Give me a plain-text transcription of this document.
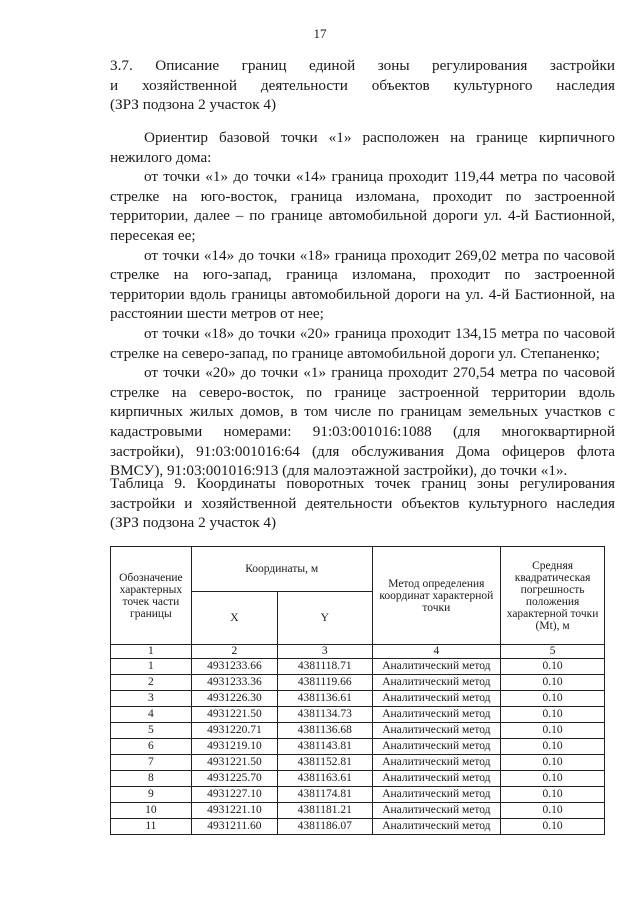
17
3.7. Описание границ единой зоны регулирования застройки
и хозяйственной деятельности объектов культурного наследия
(ЗРЗ подзона 2 участок 4)

Ориентир базовой точки «1» расположен на границе кирпичного нежилого дома:

от точки «1» до точки «14» граница проходит 119,44 метра по часовой стрелке на юго-восток, граница изломана, проходит по застроенной территории, далее – по границе автомобильной дороги ул. 4-й Бастионной, пересекая ее;

от точки «14» до точки «18» граница проходит 269,02 метра по часовой стрелке на юго-запад, граница изломана, проходит по застроенной территории вдоль границы автомобильной дороги на ул. 4-й Бастионной, на расстоянии шести метров от нее;

от точки «18» до точки «20» граница проходит 134,15 метра по часовой стрелке на северо-запад, по границе автомобильной дороги ул. Степаненко;

от точки «20» до точки «1» граница проходит 270,54 метра по часовой стрелке на северо-восток, по границе застроенной территории вдоль кирпичных жилых домов, в том числе по границам земельных участков с кадастровыми номерами: 91:03:001016:1088 (для многоквартирной застройки), 91:03:001016:64 (для обслуживания Дома офицеров флота ВМСУ), 91:03:001016:913 (для малоэтажной застройки), до точки «1».

Таблица 9. Координаты поворотных точек границ зоны регулирования
застройки и хозяйственной деятельности объектов культурного наследия
(ЗРЗ подзона 2 участок 4)
Обозначение характерных точек части границы	Координаты, м		Метод определения координат характерной точки	Средняя квадратическая погрешность положения характерной точки (Mt), м
	X	Y		
1	2	3	4	5
1	4931233.66	4381118.71	Аналитический метод	0.10
2	4931233.36	4381119.66	Аналитический метод	0.10
3	4931226.30	4381136.61	Аналитический метод	0.10
4	4931221.50	4381134.73	Аналитический метод	0.10
5	4931220.71	4381136.68	Аналитический метод	0.10
6	4931219.10	4381143.81	Аналитический метод	0.10
7	4931221.50	4381152.81	Аналитический метод	0.10
8	4931225.70	4381163.61	Аналитический метод	0.10
9	4931227.10	4381174.81	Аналитический метод	0.10
10	4931221.10	4381181.21	Аналитический метод	0.10
11	4931211.60	4381186.07	Аналитический метод	0.10
